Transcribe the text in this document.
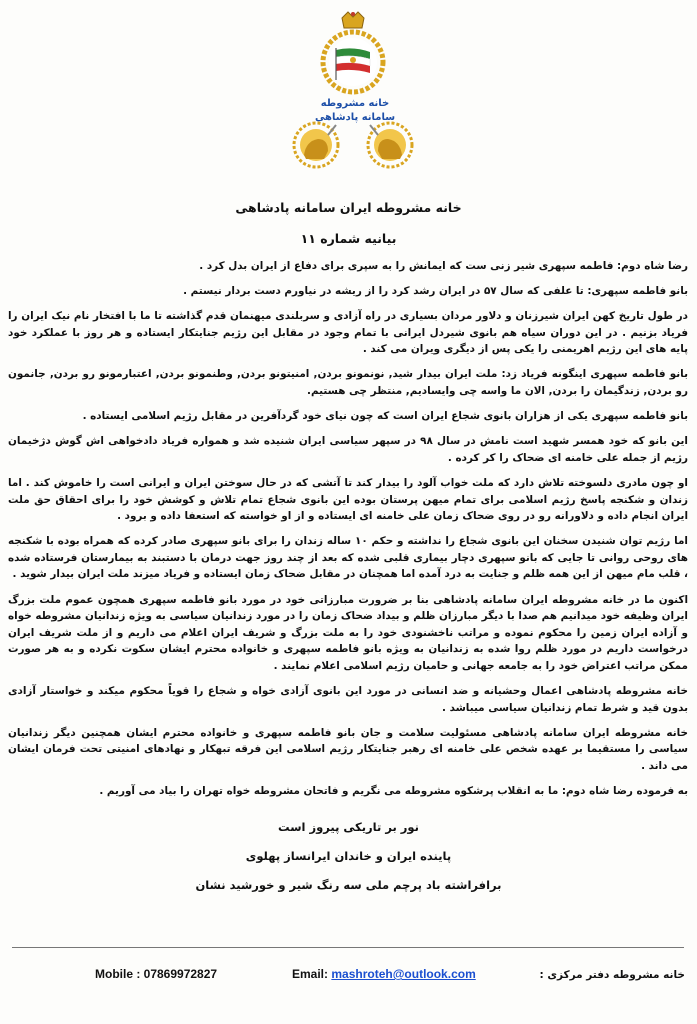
خانه مشروطه
سامانه پادشاهی
خانه مشروطه ایران سامانه پادشاهی
بیانیه شماره ۱۱

رضا شاه دوم: فاطمه سپهری شیر زنی ست که ایمانش را به سپری برای دفاع از ایران بدل کرد .

بانو فاطمه سپهری: تا علفی که سال ۵۷ در ایران رشد کرد را از ریشه در نیاورم دست بردار نیستم .

در طول تاریخ کهن ایران شیرزنان و دلاور مردان بسیاری در راه آزادی و سربلندی میهنمان قدم گذاشته تا ما با افتخار نام نیک ایران را فریاد بزنیم . در این دوران سیاه هم بانوی شیردل ایرانی با تمام وجود در مقابل این رژیم جنایتکار ایستاده و هر روز با عملکرد خود پایه های این رژیم اهریمنی را یکی پس از دیگری ویران می کند .

بانو فاطمه سپهری اینگونه فریاد زد: ملت ایران بیدار شید, نونمونو بردن, امنیتونو بردن, وطنمونو بردن, اعتبارمونو رو بردن, جانمون رو بردن, زندگیمان را بردن, الان ما واسه چی وایسادیم, منتظر چی هستیم.

بانو فاطمه سپهری یکی از هزاران بانوی شجاع ایران است که چون نیای خود گردآفرین در مقابل رژیم اسلامی ایستاده .

این بانو که خود همسر شهید است نامش در سال ۹۸ در سپهر سیاسی ایران شنیده شد و همواره فریاد دادخواهی اش گوش دژخیمان رژیم از جمله علی خامنه ای ضحاک را کر کرده .

او چون مادری دلسوخته تلاش دارد که ملت خواب آلود را بیدار کند تا آتشی که در حال سوختن ایران و ایرانی است را خاموش کند . اما زندان و شکنجه پاسخ رژیم اسلامی برای تمام میهن پرستان بوده این بانوی شجاع تمام تلاش و کوشش خود را برای احقاق حق ملت ایران انجام داده و دلاورانه رو در روی ضحاک زمان علی خامنه ای ایستاده و از او خواسته که استعفا داده و برود .

اما رژیم توان شنیدن سخنان این بانوی شجاع را نداشته و حکم ۱۰ ساله زندان را برای بانو سپهری صادر کرده که همراه بوده با شکنجه های روحی روانی تا جایی که بانو سپهری دچار بیماری قلبی شده که بعد از چند روز جهت درمان با دستبند به بیمارستان فرستاده شده ، قلب مام میهن از این همه ظلم و جنایت به درد آمده اما همچنان در مقابل ضحاک زمان ایستاده و فریاد میزند ملت ایران بیدار شوید .

اکنون ما در خانه مشروطه ایران سامانه پادشاهی بنا بر ضرورت مبارزاتی خود در مورد بانو فاطمه سپهری همچون عموم ملت بزرگ ایران وظیفه خود میدانیم هم صدا با دیگر مبارزان ظلم و بیداد ضحاک زمان را در مورد زندانیان سیاسی به ویژه زندانیان مشروطه خواه و آزاده ایران زمین را محکوم نموده و مراتب ناخشنودی خود را به ملت بزرگ و شریف ایران اعلام می داریم و از ملت شریف ایران درخواست داریم در مورد ظلم روا شده به زندانیان به ویژه بانو فاطمه سپهری و خانواده محترم ایشان سکوت نکرده و به هر صورت ممکن مراتب اعتراض خود را به جامعه جهانی و حامیان رژیم اسلامی اعلام نمایند .

خانه مشروطه پادشاهی اعمال وحشیانه و ضد انسانی در مورد این بانوی آزادی خواه و شجاع را قویاً محکوم میکند و خواستار آزادی بدون قید و شرط تمام زندانیان سیاسی میباشد .

خانه مشروطه ایران سامانه پادشاهی مسئولیت سلامت و جان بانو فاطمه سپهری و خانواده محترم ایشان همچنین دیگر زندانیان سیاسی را مستقیما بر عهده شخص علی خامنه ای رهبر جنایتکار رژیم اسلامی این فرقه تبهکار و نهادهای امنیتی تحت فرمان ایشان می داند .

به فرموده رضا شاه دوم: ما به انقلاب پرشکوه مشروطه می نگریم و فاتحان مشروطه خواه تهران را بیاد می آوریم .

نور بر تاریکی پیروز است
پاینده ایران و خاندان ایرانساز پهلوی
برافراشته باد پرچم ملی سه رنگ شیر و خورشید نشان
Mobile : 07869972827	Email: mashroteh@outlook.com	خانه مشروطه دفتر مرکزی :
